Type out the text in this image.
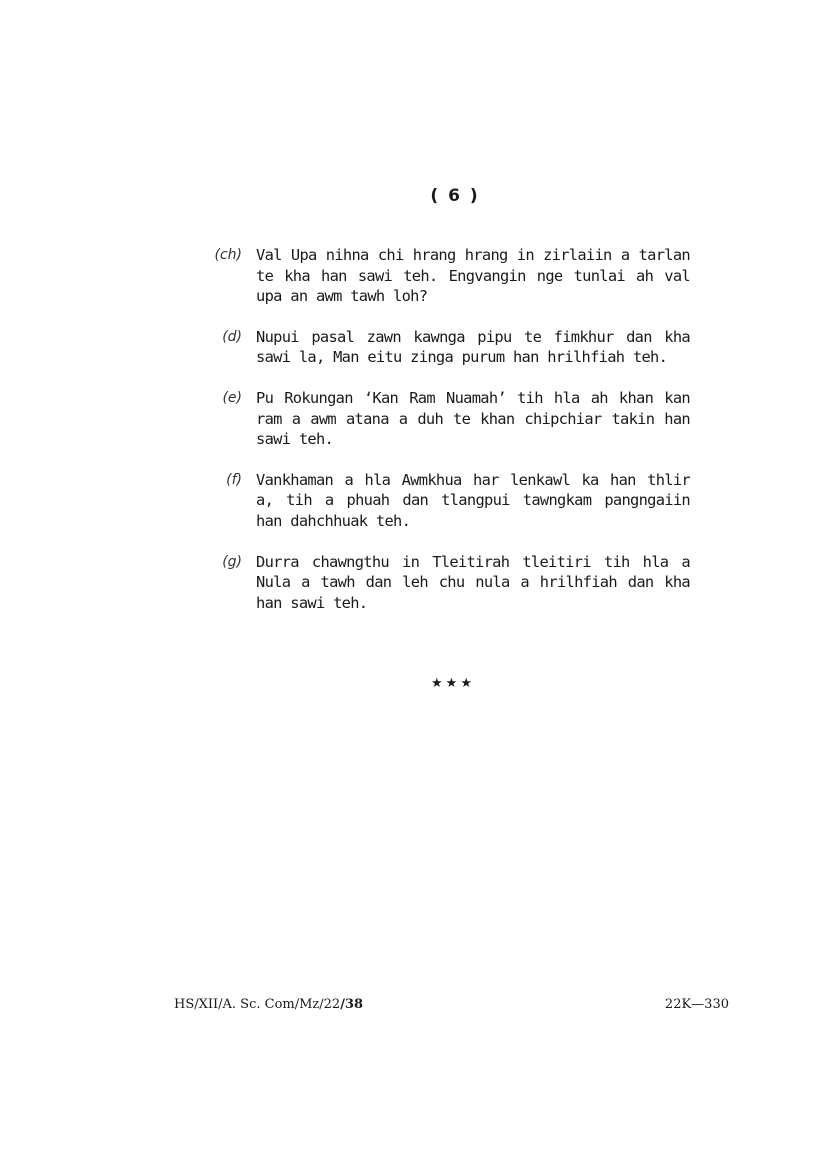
( 6 )
(ch) Val Upa nihna chi hrang hrang in zirlaiin a tarlan te kha han sawi teh. Engvangin nge tunlai ah val upa an awm tawh loh?
(d) Nupui pasal zawn kawnga pipu te fimkhur dan kha sawi la, Man eitu zinga purum han hrilhfiah teh.
(e) Pu Rokungan ‘Kan Ram Nuamah’ tih hla ah khan kan ram a awm atana a duh te khan chipchiar takin han sawi teh.
(f) Vankhaman a hla Awmkhua har lenkawl ka han thlir a, tih a phuah dan tlangpui tawngkam pangngaiin han dahchhuak teh.
(g) Durra chawngthu in Tleitirah tleitiri tih hla a Nula a tawh dan leh chu nula a hrilhfiah dan kha han sawi teh.
★★★
HS/XII/A. Sc. Com/Mz/22/38	22K—330
